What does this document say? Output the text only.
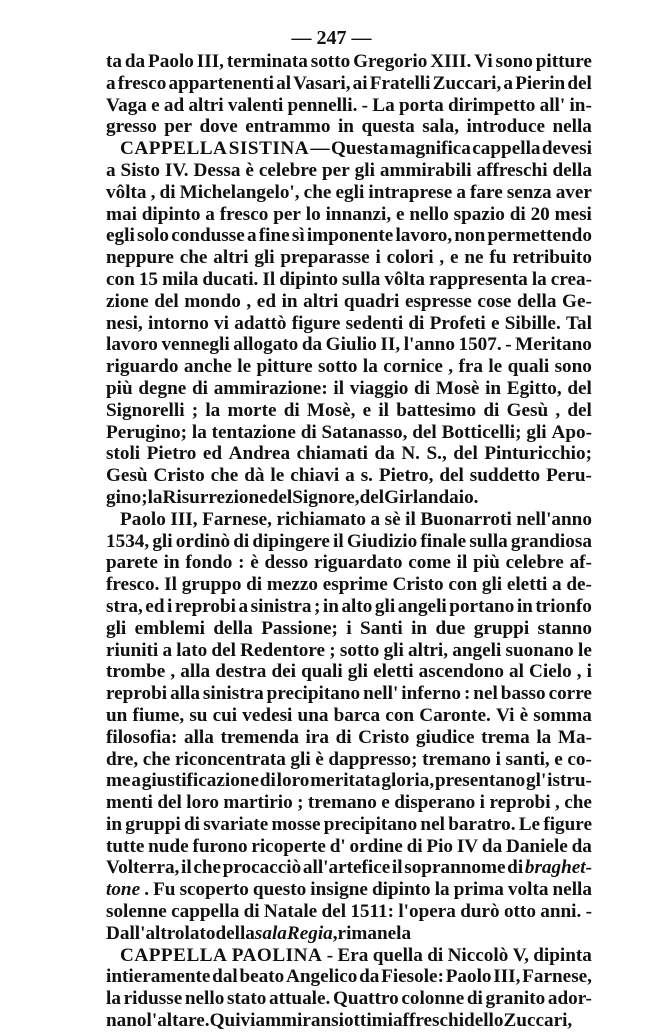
— 247 —
ta da Paolo III, terminata sotto Gregorio XIII. Vi sono pitture
a fresco appartenenti al Vasari, ai Fratelli Zuccari, a Pierin del
Vaga e ad altri valenti pennelli. - La porta dirimpetto all' in-
gresso per dove entrammo in questa sala, introduce nella
CAPPELLA SISTINA — Questa magnifica cappella devesi
a Sisto IV. Dessa è celebre per gli ammirabili affreschi della
vôlta , di Michelangelo', che egli intraprese a fare senza aver
mai dipinto a fresco per lo innanzi, e nello spazio di 20 mesi
egli solo condusse a fine sì imponente lavoro, non permettendo
neppure che altri gli preparasse i colori , e ne fu retribuito
con 15 mila ducati. Il dipinto sulla vôlta rappresenta la crea-
zione del mondo , ed in altri quadri espresse cose della Ge-
nesi, intorno vi adattò figure sedenti di Profeti e Sibille. Tal
lavoro vennegli allogato da Giulio II, l'anno 1507. - Meritano
riguardo anche le pitture sotto la cornice , fra le quali sono
più degne di ammirazione: il viaggio di Mosè in Egitto, del
Signorelli ; la morte di Mosè, e il battesimo di Gesù , del
Perugino; la tentazione di Satanasso, del Botticelli; gli Apo-
stoli Pietro ed Andrea chiamati da N. S., del Pinturicchio;
Gesù Cristo che dà le chiavi a s. Pietro, del suddetto Peru-
gino; la Risurrezione del Signore, del Girlandaio.
Paolo III, Farnese, richiamato a sè il Buonarroti nell'anno
1534, gli ordinò di dipingere il Giudizio finale sulla grandiosa
parete in fondo : è desso riguardato come il più celebre af-
fresco. Il gruppo di mezzo esprime Cristo con gli eletti a de-
stra, ed i reprobi a sinistra ; in alto gli angeli portano in trionfo
gli emblemi della Passione; i Santi in due gruppi stanno
riuniti a lato del Redentore ; sotto gli altri, angeli suonano le
trombe , alla destra dei quali gli eletti ascendono al Cielo , i
reprobi alla sinistra precipitano nell' inferno : nel basso corre
un fiume, su cui vedesi una barca con Caronte. Vi è somma
filosofia: alla tremenda ira di Cristo giudice trema la Ma-
dre, che riconcentrata gli è dappresso; tremano i santi, e co-
me a giustificazione di loro meritata gloria, presentano gl' istru-
menti del loro martirio ; tremano e disperano i reprobi , che
in gruppi di svariate mosse precipitano nel baratro. Le figure
tutte nude furono ricoperte d' ordine di Pio IV da Daniele da
Volterra, il che procacciò all'artefice il soprannome di braghet-
tone . Fu scoperto questo insigne dipinto la prima volta nella
solenne cappella di Natale del 1511: l'opera durò otto anni. -
Dall' altro lato della sala Regia , rimane la
CAPPELLA PAOLINA - Era quella di Niccolò V, dipinta
intieramente dal beato Angelico da Fiesole: Paolo III, Farnese,
la ridusse nello stato attuale. Quattro colonne di granito ador-
nano l' altare. Quivi ammiransi ottimi affreschi dello Zuccari,
